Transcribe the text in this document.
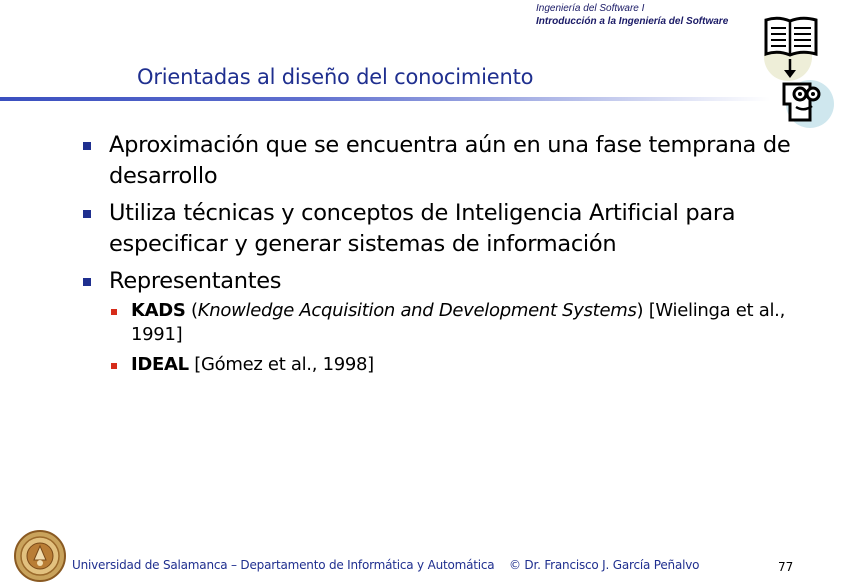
Ingeniería del Software I
Introducción a la Ingeniería del Software
Orientadas al diseño del conocimiento
Aproximación que se encuentra aún en una fase temprana de desarrollo
Utiliza técnicas y conceptos de Inteligencia Artificial para especificar y generar sistemas de información
Representantes
KADS (Knowledge Acquisition and Development Systems) [Wielinga et al., 1991]
IDEAL [Gómez et al., 1998]
Universidad de Salamanca – Departamento de Informática y Automática © Dr. Francisco J. García Peñalvo	77
